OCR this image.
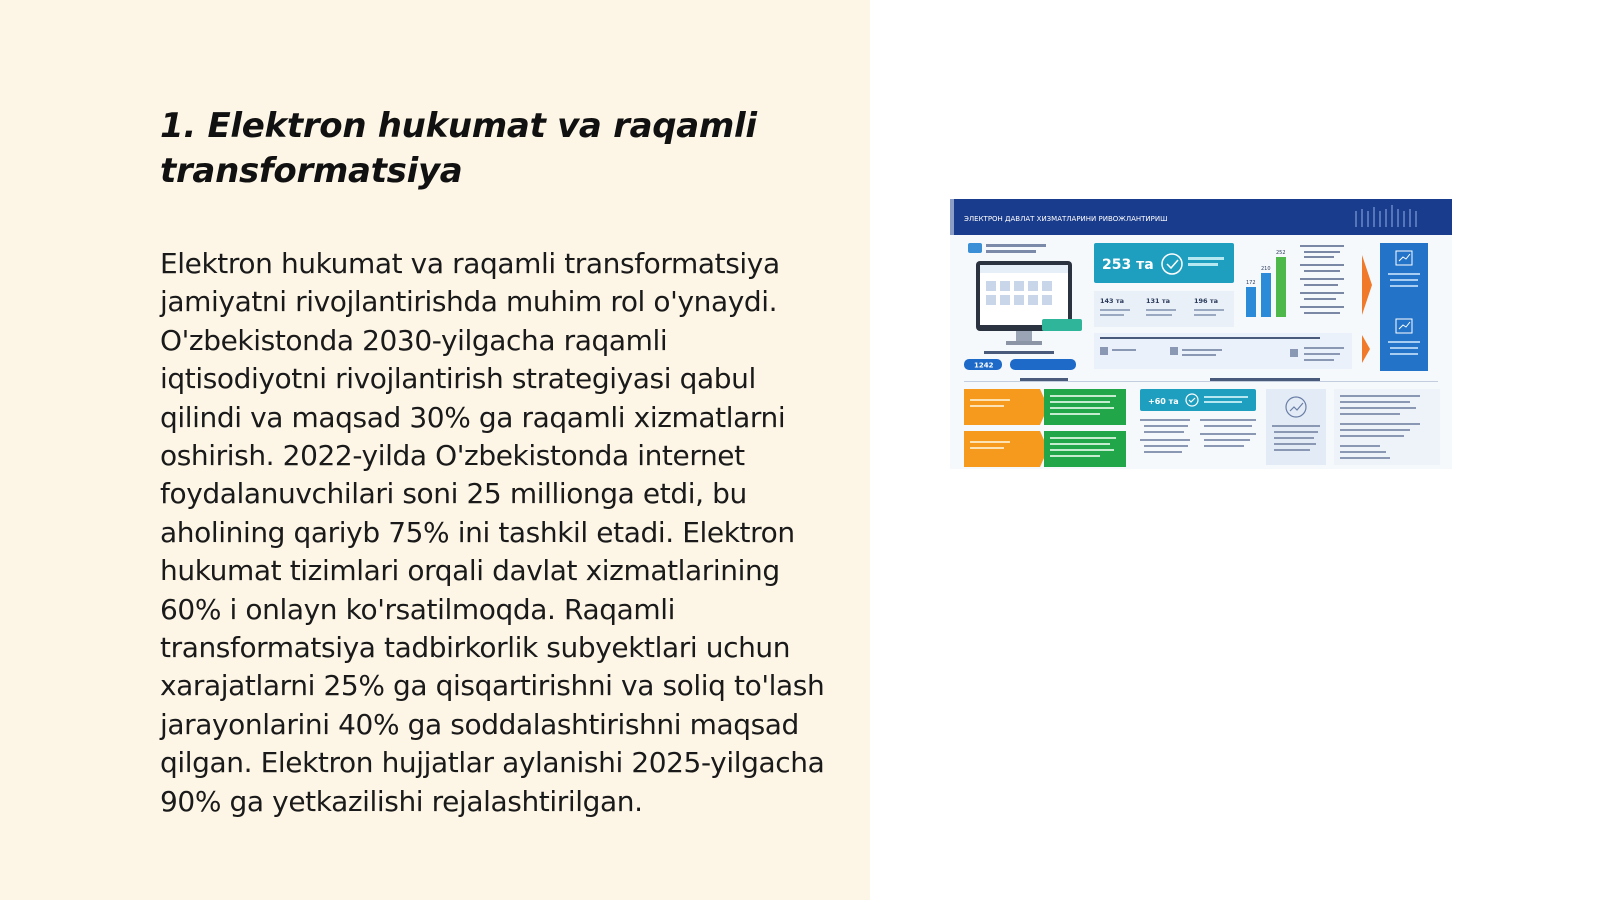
1. Elektron hukumat va raqamli transformatsiya

Elektron hukumat va raqamli transformatsiya jamiyatni rivojlantirishda muhim rol o'ynaydi. O'zbekistonda 2030-yilgacha raqamli iqtisodiyotni rivojlantirish strategiyasi qabul qilindi va maqsad 30% ga raqamli xizmatlarni oshirish. 2022-yilda O'zbekistonda internet foydalanuvchilari soni 25 millionga etdi, bu aholining qariyb 75% ini tashkil etadi. Elektron hukumat tizimlari orqali davlat xizmatlarining 60% i onlayn ko'rsatilmoqda. Raqamli transformatsiya tadbirkorlik subyektlari uchun xarajatlarni 25% ga qisqartirishni va soliq to'lash jarayonlarini 40% ga soddalashtirishni maqsad qilgan. Elektron hujjatlar aylanishi 2025-yilgacha 90% ga yetkazilishi rejalashtirilgan.

ЭЛЕКТРОН ДАВЛАТ ХИЗМАТЛАРИНИ РИВОЖЛАНТИРИШ
1242
253 та
143 та	131 та	196 та
172
210
252
+60 та
